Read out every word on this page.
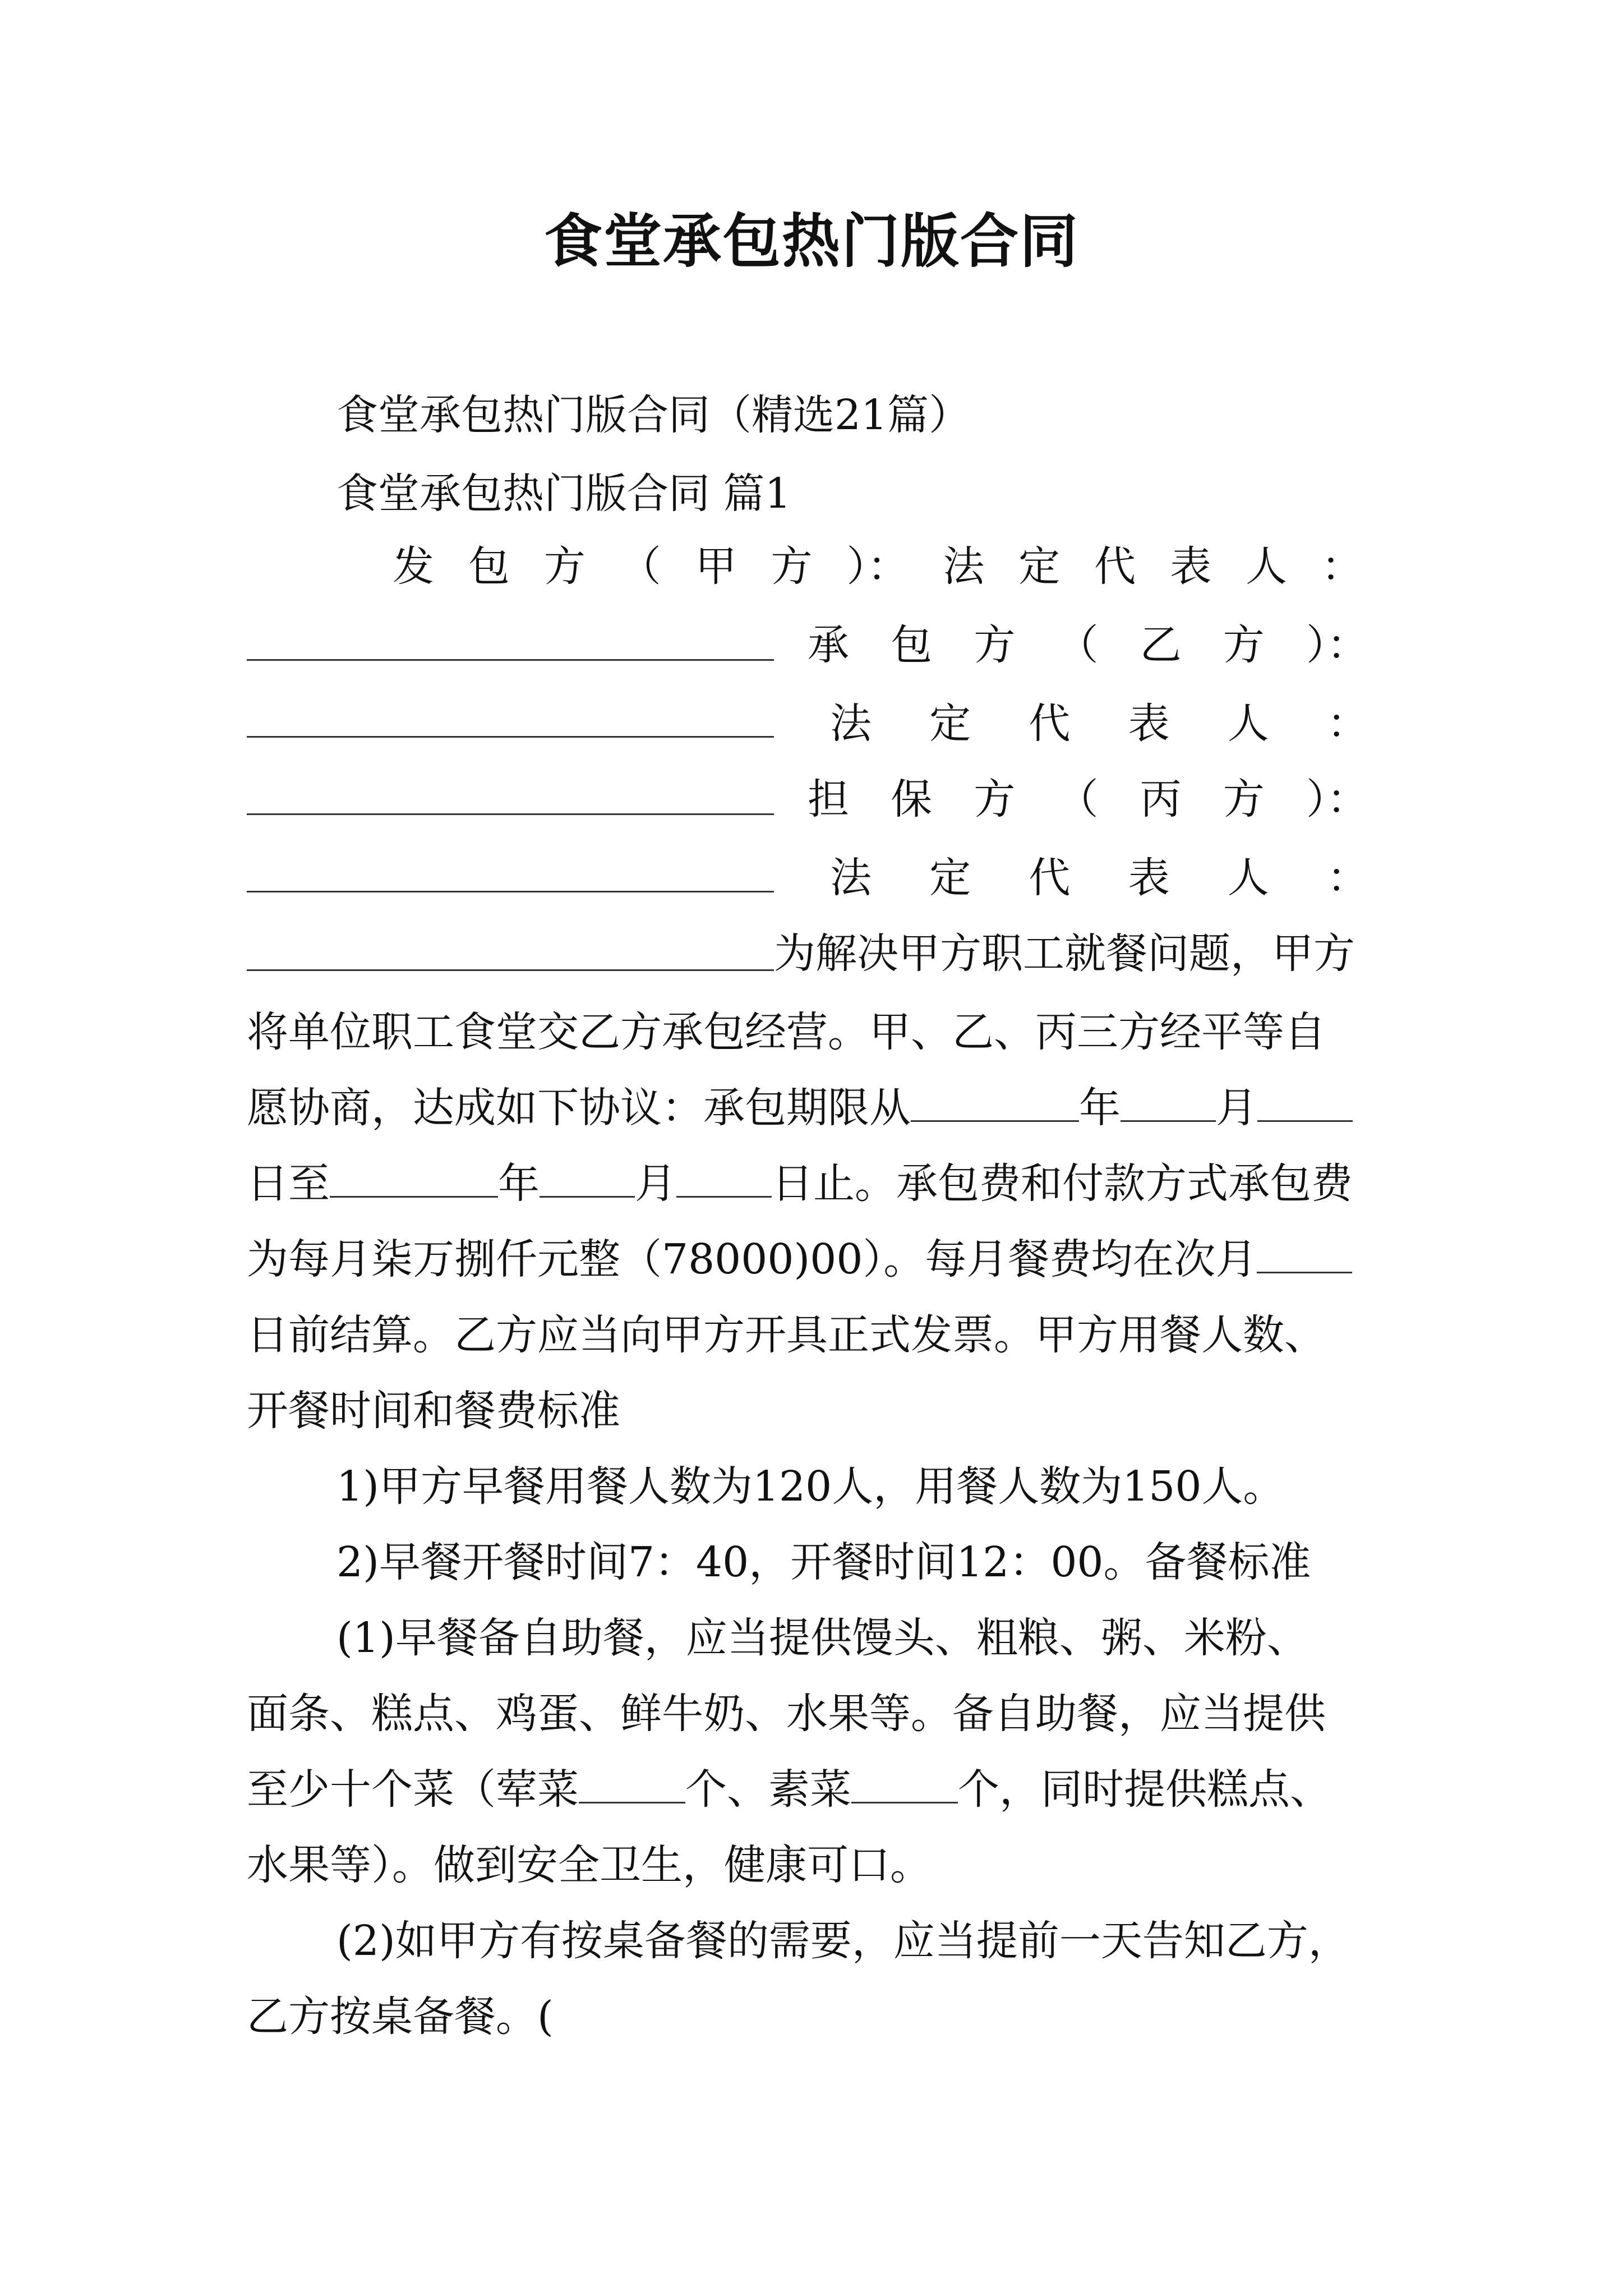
食堂承包热门版合同
食堂承包热门版合同（精选21篇）
食堂承包热门版合同 篇1
发 包 方 （ 甲 方 ）： 法 定 代 表 人 ：
承 包 方 （ 乙 方 ）：
法 定 代 表 人 ：
担 保 方 （ 丙 方 ）：
法 定 代 表 人 ：
为解决甲方职工就餐问题，甲方
将单位职工食堂交乙方承包经营。甲、乙、丙三方经平等自
愿协商，达成如下协议：承包期限从	年 月
日至	年 月 日止。承包费和付款方式承包费
为每月柒万捌仟元整（78000)00）。每月餐费均在次月
日前结算。乙方应当向甲方开具正式发票。甲方用餐人数、
开餐时间和餐费标准
1)甲方早餐用餐人数为120人，用餐人数为150人。
2)早餐开餐时间7：40，开餐时间12：00。备餐标准
(1)早餐备自助餐，应当提供馒头、粗粮、粥、米粉、
面条、糕点、鸡蛋、鲜牛奶、水果等。备自助餐，应当提供
至少十个菜（荤菜	个、素菜	个，同时提供糕点、
水果等）。做到安全卫生，健康可口。
(2)如甲方有按桌备餐的需要，应当提前一天告知乙方，
乙方按桌备餐。(
